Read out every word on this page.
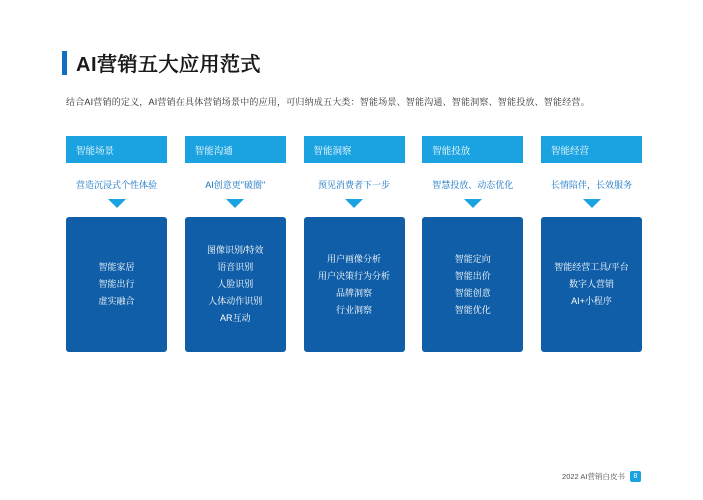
AI营销五大应用范式
结合AI营销的定义，AI营销在具体营销场景中的应用，可归纳成五大类：智能场景、智能沟通、智能洞察、智能投放、智能经营。
智能场景
营造沉浸式个性体验
智能家居
智能出行
虚实融合
智能沟通
AI创意更"破圈"
图像识别/特效
语音识别
人脸识别
人体动作识别
AR互动
智能洞察
预见消费者下一步
用户画像分析
用户决策行为分析
品牌洞察
行业洞察
智能投放
智慧投放、动态优化
智能定向
智能出价
智能创意
智能优化
智能经营
长情陪伴，长效服务
智能经营工具/平台
数字人营销
AI+小程序
2022 AI营销白皮书	8
